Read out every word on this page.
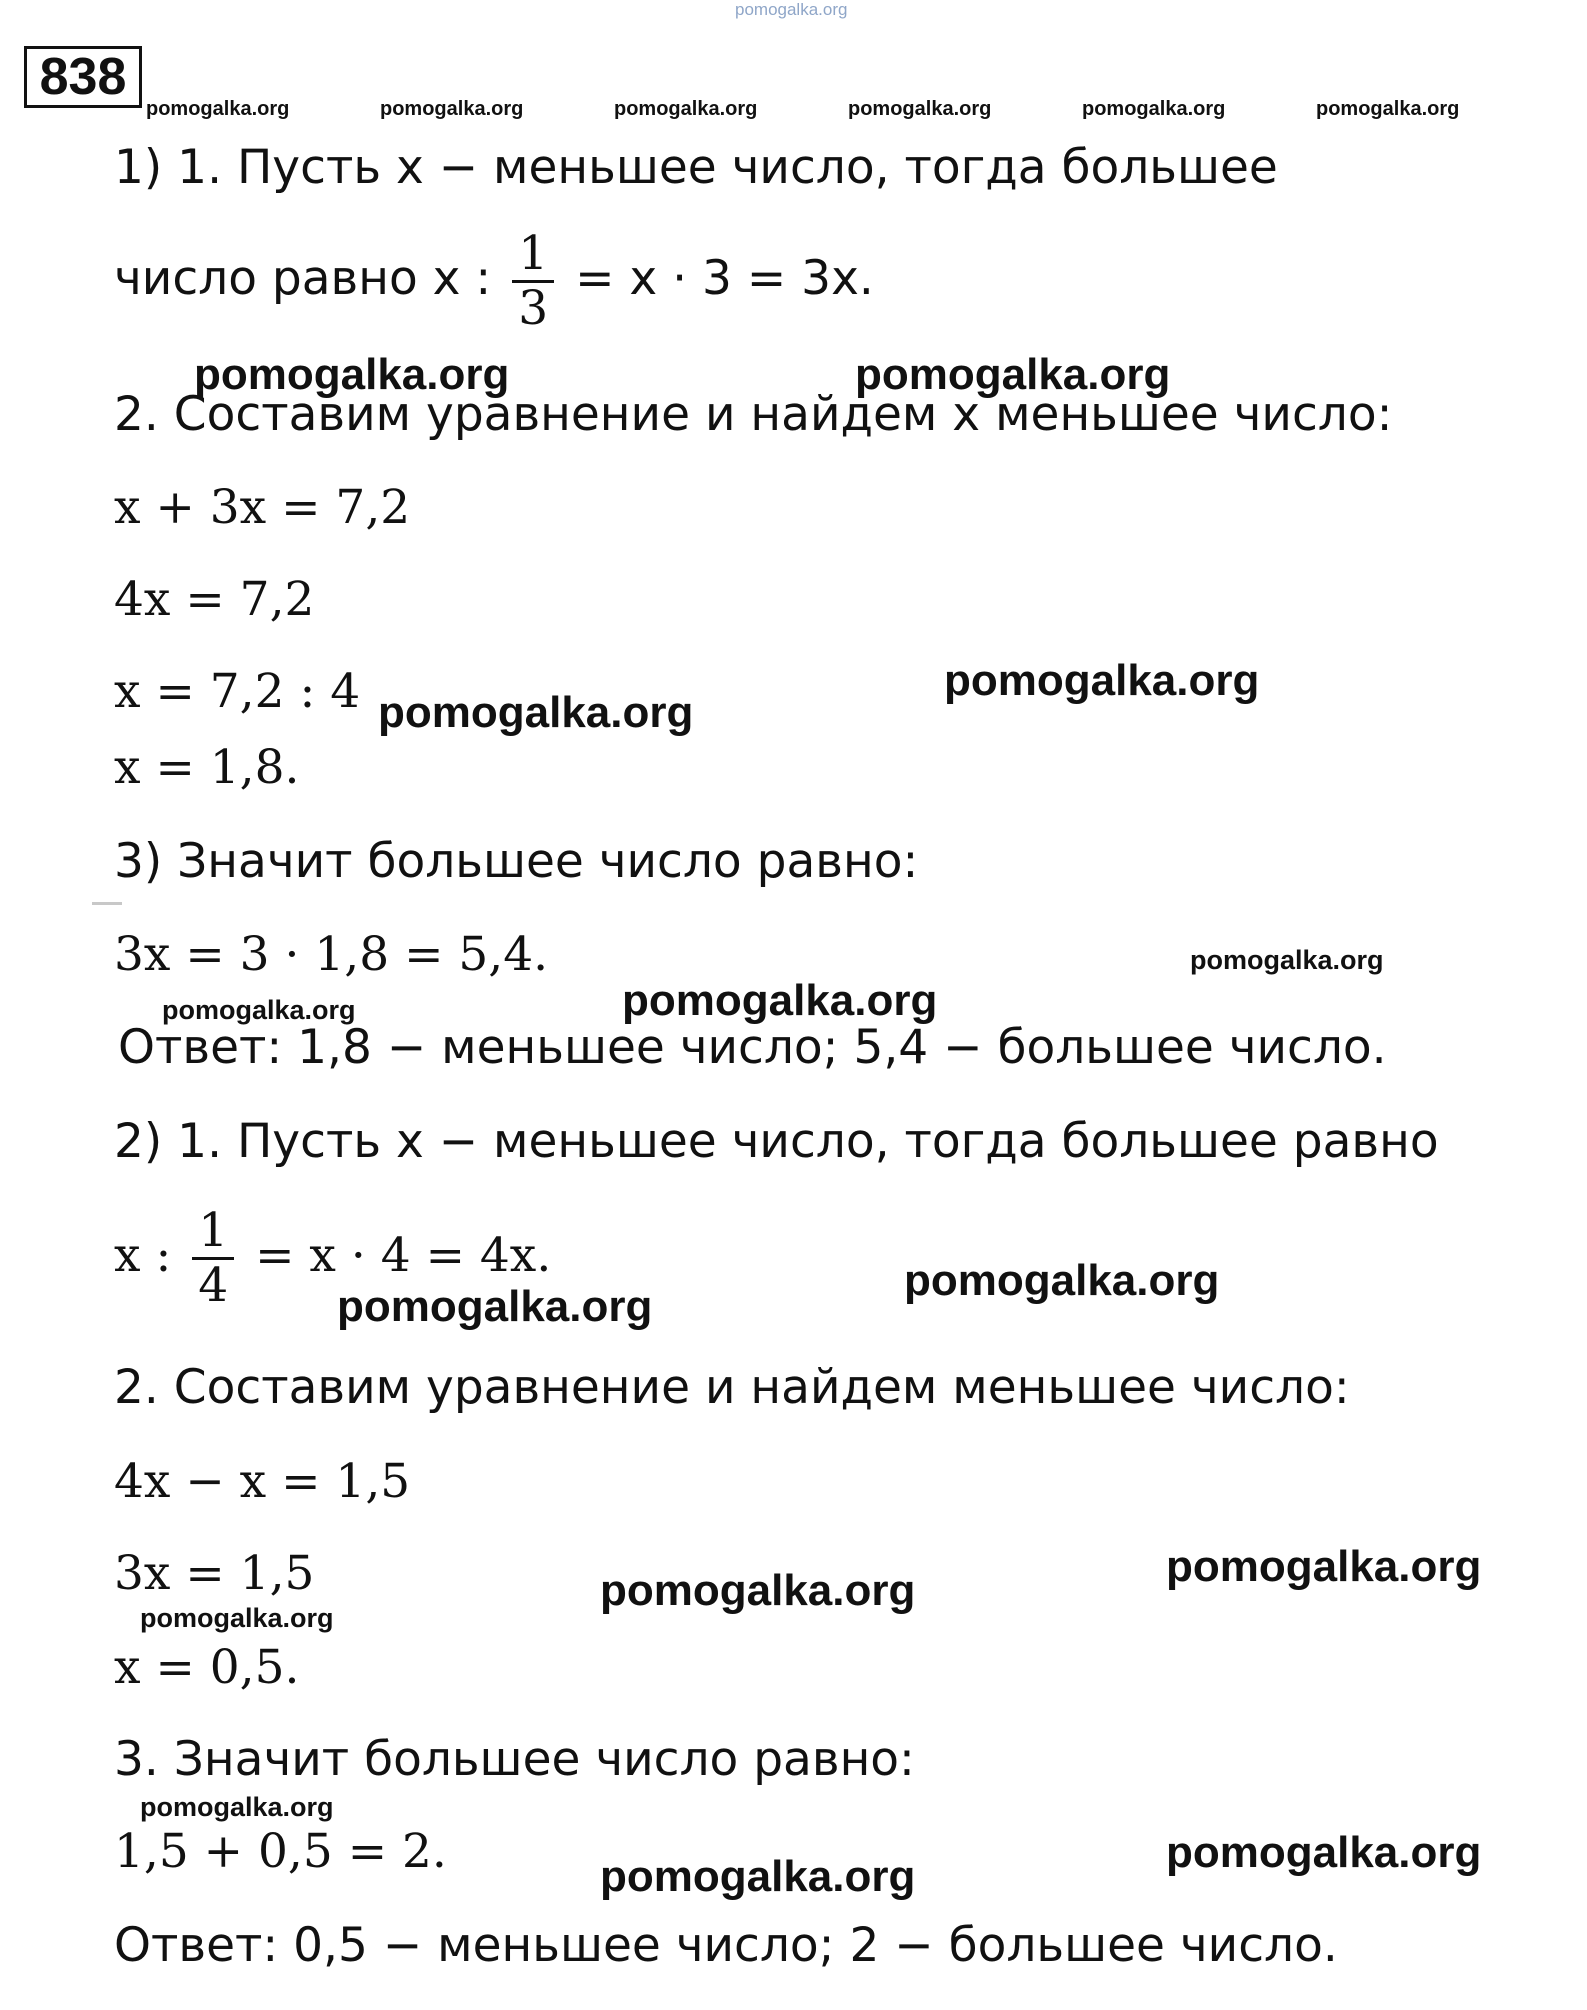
pomogalka.org
838
pomogalka.org	pomogalka.org	pomogalka.org	pomogalka.org	pomogalka.org	pomogalka.org
1) 1. Пусть x − меньшее число, тогда большее
число равно x : $\frac{1}{3} = x \cdot 3 = 3x$.
pomogalka.org	pomogalka.org
2. Составим уравнение и найдем x меньшее число:
x + 3x = 7,2
4x = 7,2
x = 7,2 : 4 pomogalka.org
pomogalka.org
x = 1,8.
3) Значит большее число равно:
3x = 3 · 1,8 = 5,4.	pomogalka.org
pomogalka.org
pomogalka.org
Ответ: 1,8 − меньшее число; 5,4 − большее число.
2) 1. Пусть x − меньшее число, тогда большее равно
x : $\frac{1}{4} = x \cdot 4 = 4x$.
pomogalka.org
pomogalka.org
2. Составим уравнение и найдем меньшее число:
4x − x = 1,5
3x = 1,5	pomogalka.org	pomogalka.org
pomogalka.org
x = 0,5.
3. Значит большее число равно:
pomogalka.org
1,5 + 0,5 = 2.	pomogalka.org	pomogalka.org
Ответ: 0,5 − меньшее число; 2 − большее число.
